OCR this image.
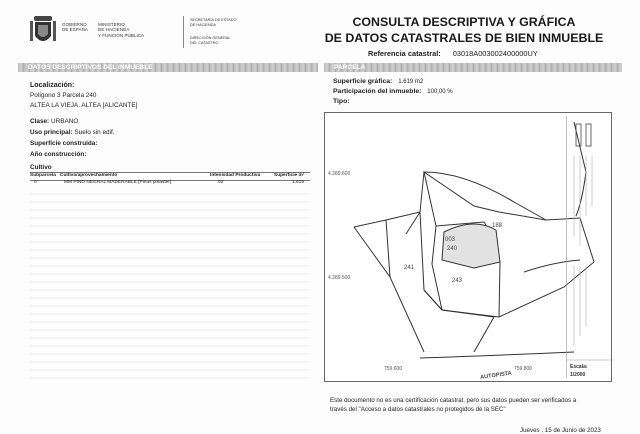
GOBIERNO
DE ESPAÑA
MINISTERIO
DE HACIENDA
Y FUNCIÓN PÚBLICA
SECRETARÍA DE ESTADO
DE HACIENDA
DIRECCIÓN GENERAL
DEL CATASTRO
CONSULTA DESCRIPTIVA Y GRÁFICA
DE DATOS CATASTRALES DE BIEN INMUEBLE
Referencia catastral: 03018A003002400000UY
DATOS DESCRIPTIVOS DEL INMUEBLE	PARCELA
Localización:
Polígono 3 Parcela 240
ALTEA LA VIEJA. ALTEA [ALICANTE]
Clase: URBANO
Uso principal: Suelo sin edif.
Superficie construida:
Año construcción:
Cultivo
Subparcela Cultivo/aprovechamiento	Intensidad Productiva	Superficie m²
0	MM PINO NEGRAL MADERABLE [Pinus pinaster]	02	1.619
Superficie gráfica: 1.619 m2
Participación del inmueble: 100,00 %
Tipo:
4.289.600
4.289.500
759.600	759.800
003
240
188
241
243
AUTOPISTA
Escala:
1/2000
Este documento no es una certificación catastral, pero sus datos pueden ser verificados a
través del "Acceso a datos catastrales no protegidos de la SEC"
Jueves , 15 de Junio de 2023
